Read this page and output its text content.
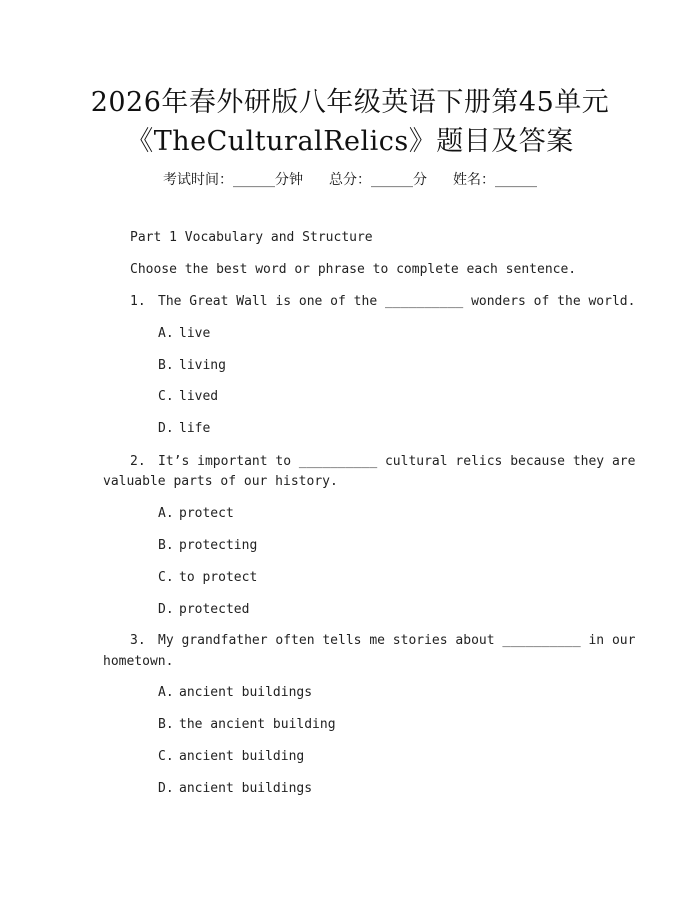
2026年春外研版八年级英语下册第45单元
《TheCulturalRelics》题目及答案
考试时间：______分钟 总分：______分 姓名：______
Part 1 Vocabulary and Structure
Choose the best word or phrase to complete each sentence.
1. The Great Wall is one of the __________ wonders of the world.
A. live
B. living
C. lived
D. life
2. It’s important to __________ cultural relics because they are
valuable parts of our history.
A. protect
B. protecting
C. to protect
D. protected
3. My grandfather often tells me stories about __________ in our
hometown.
A. ancient buildings
B. the ancient building
C. ancient building
D. ancient buildings
